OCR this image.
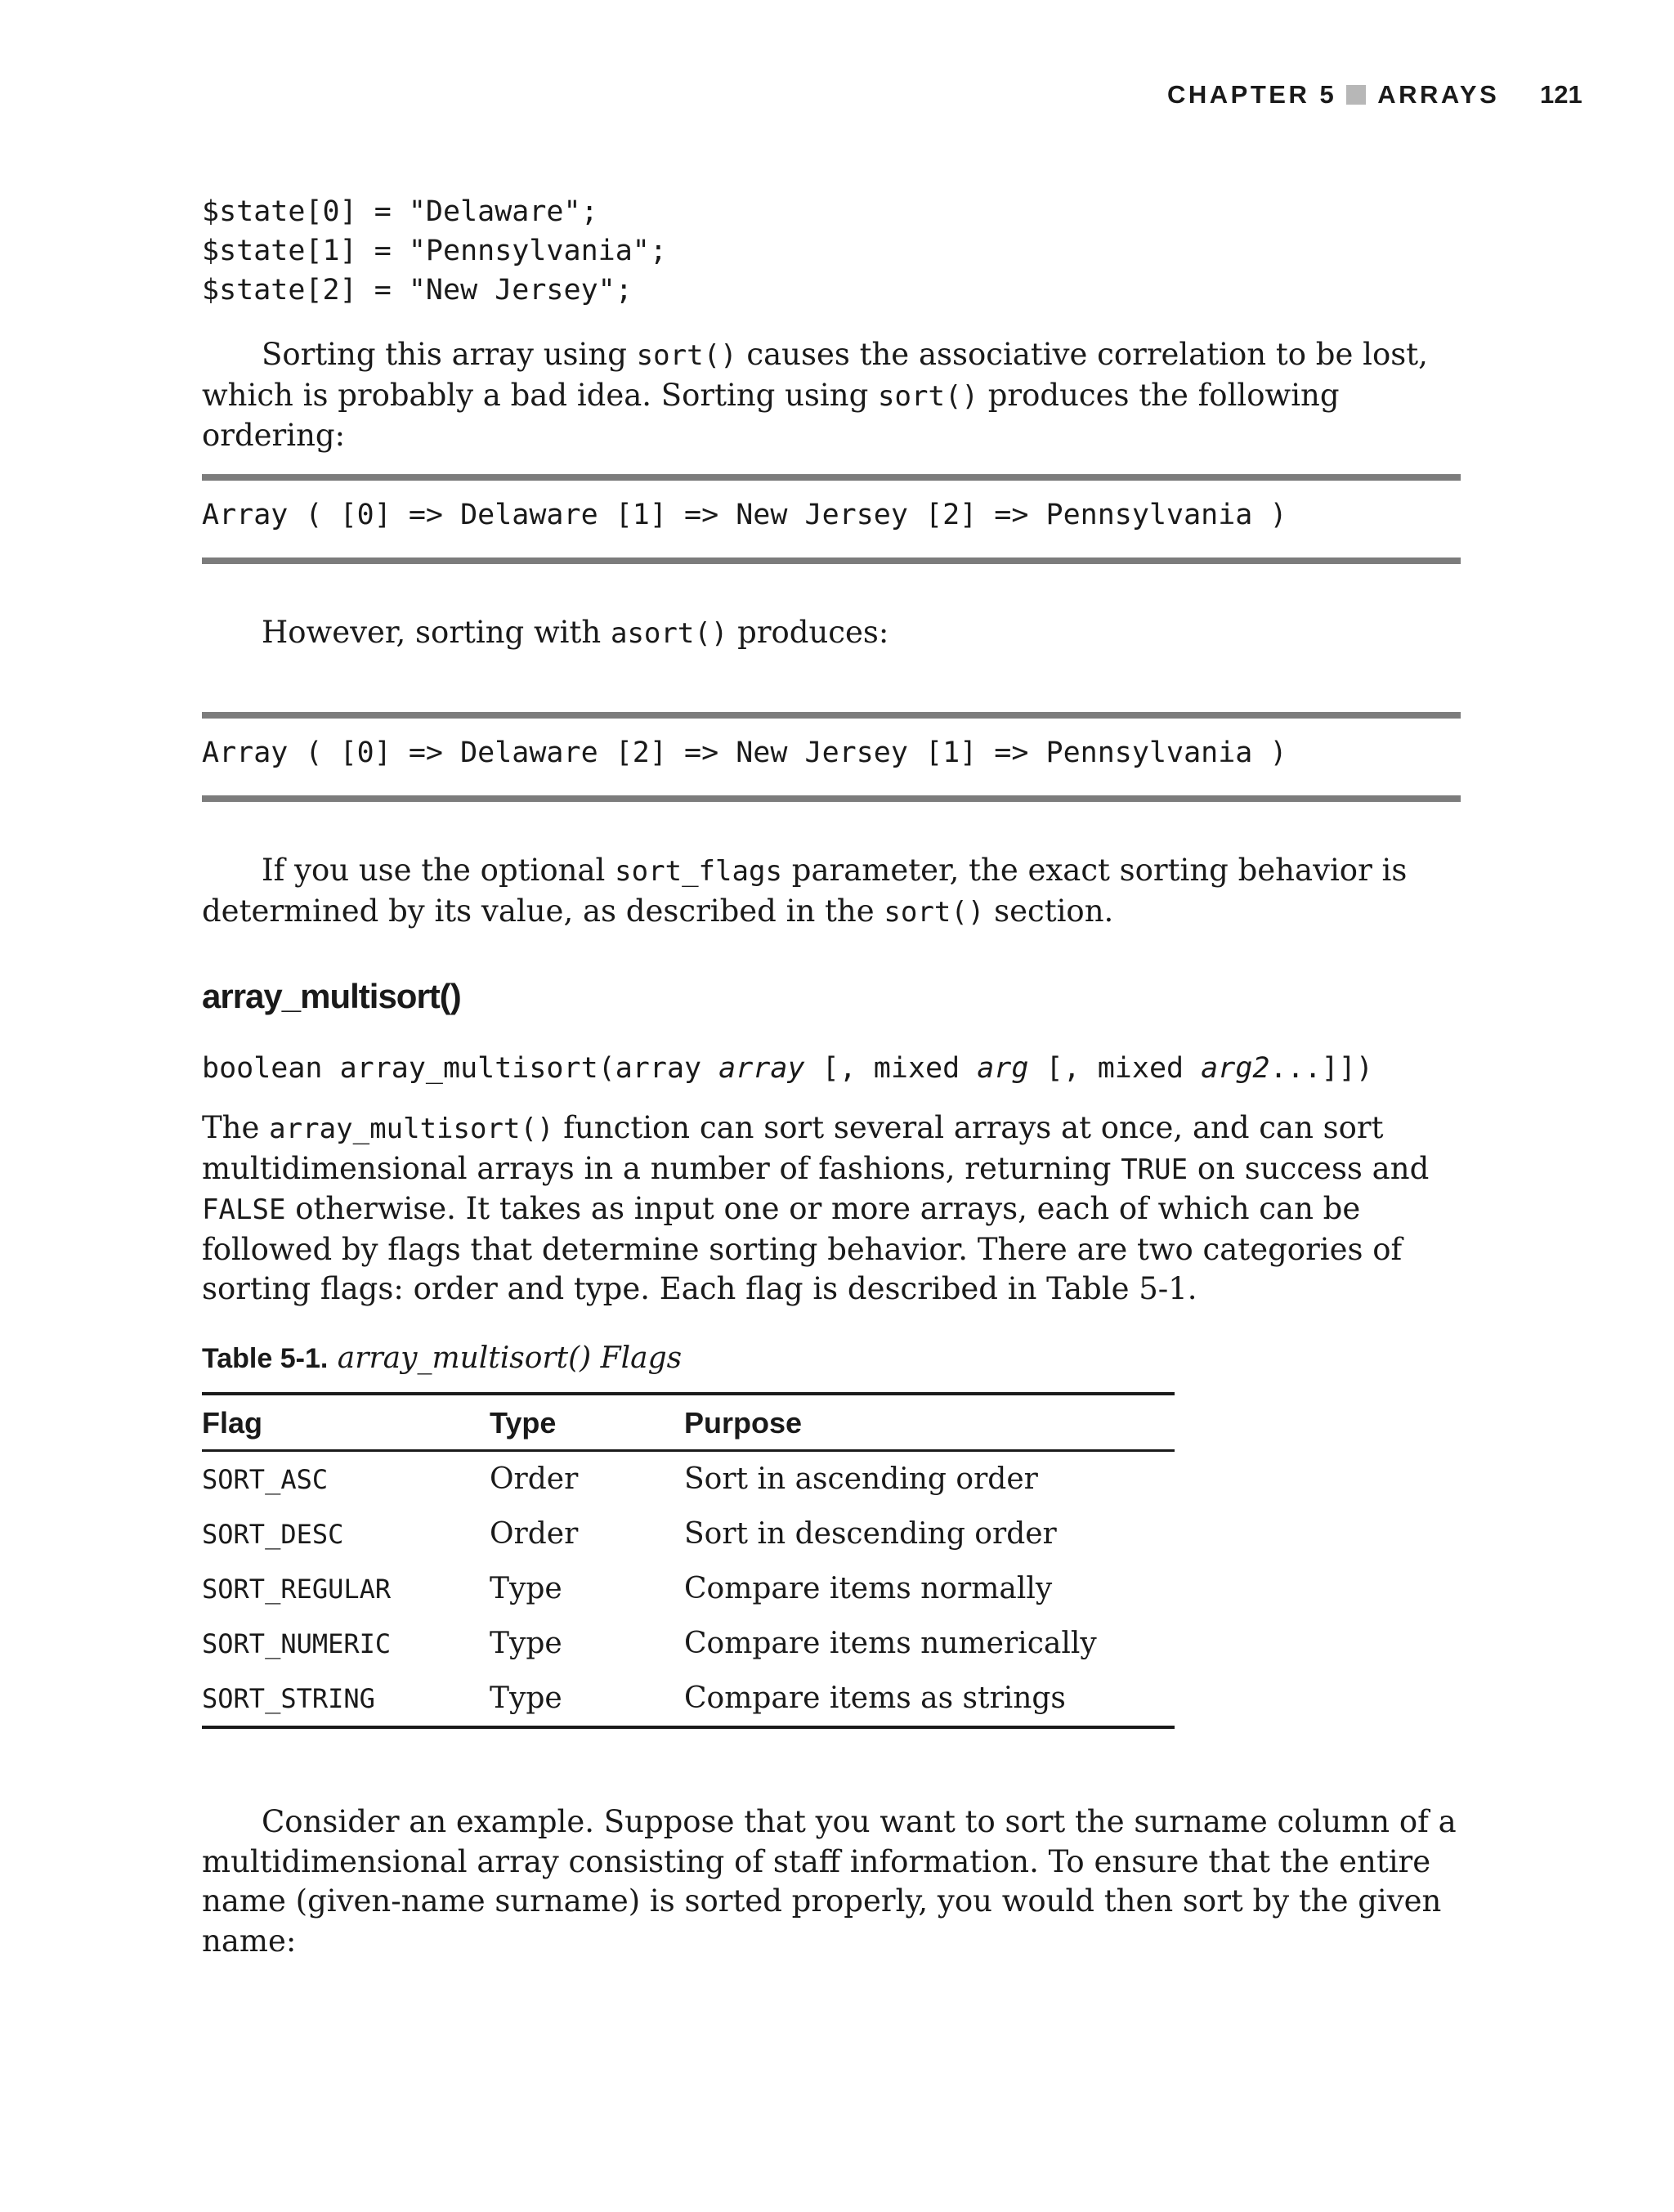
CHAPTER 5 ARRAYS 121
$state[0] = "Delaware";
$state[1] = "Pennsylvania";
$state[2] = "New Jersey";

Sorting this array using sort() causes the associative correlation to be lost, which is probably a bad idea. Sorting using sort() produces the following ordering:

Array ( [0] => Delaware [1] => New Jersey [2] => Pennsylvania )

However, sorting with asort() produces:

Array ( [0] => Delaware [2] => New Jersey [1] => Pennsylvania )

If you use the optional sort_flags parameter, the exact sorting behavior is determined by its value, as described in the sort() section.

array_multisort()
boolean array_multisort(array array [, mixed arg [, mixed arg2...]])

The array_multisort() function can sort several arrays at once, and can sort multidimensional arrays in a number of fashions, returning TRUE on success and FALSE otherwise. It takes as input one or more arrays, each of which can be followed by flags that determine sorting behavior. There are two categories of sorting flags: order and type. Each flag is described in Table 5-1.

Table 5-1. array_multisort() Flags
Flag	Type	Purpose
SORT_ASC	Order	Sort in ascending order
SORT_DESC	Order	Sort in descending order
SORT_REGULAR	Type	Compare items normally
SORT_NUMERIC	Type	Compare items numerically
SORT_STRING	Type	Compare items as strings

Consider an example. Suppose that you want to sort the surname column of a multidimensional array consisting of staff information. To ensure that the entire name (given-name surname) is sorted properly, you would then sort by the given name:
